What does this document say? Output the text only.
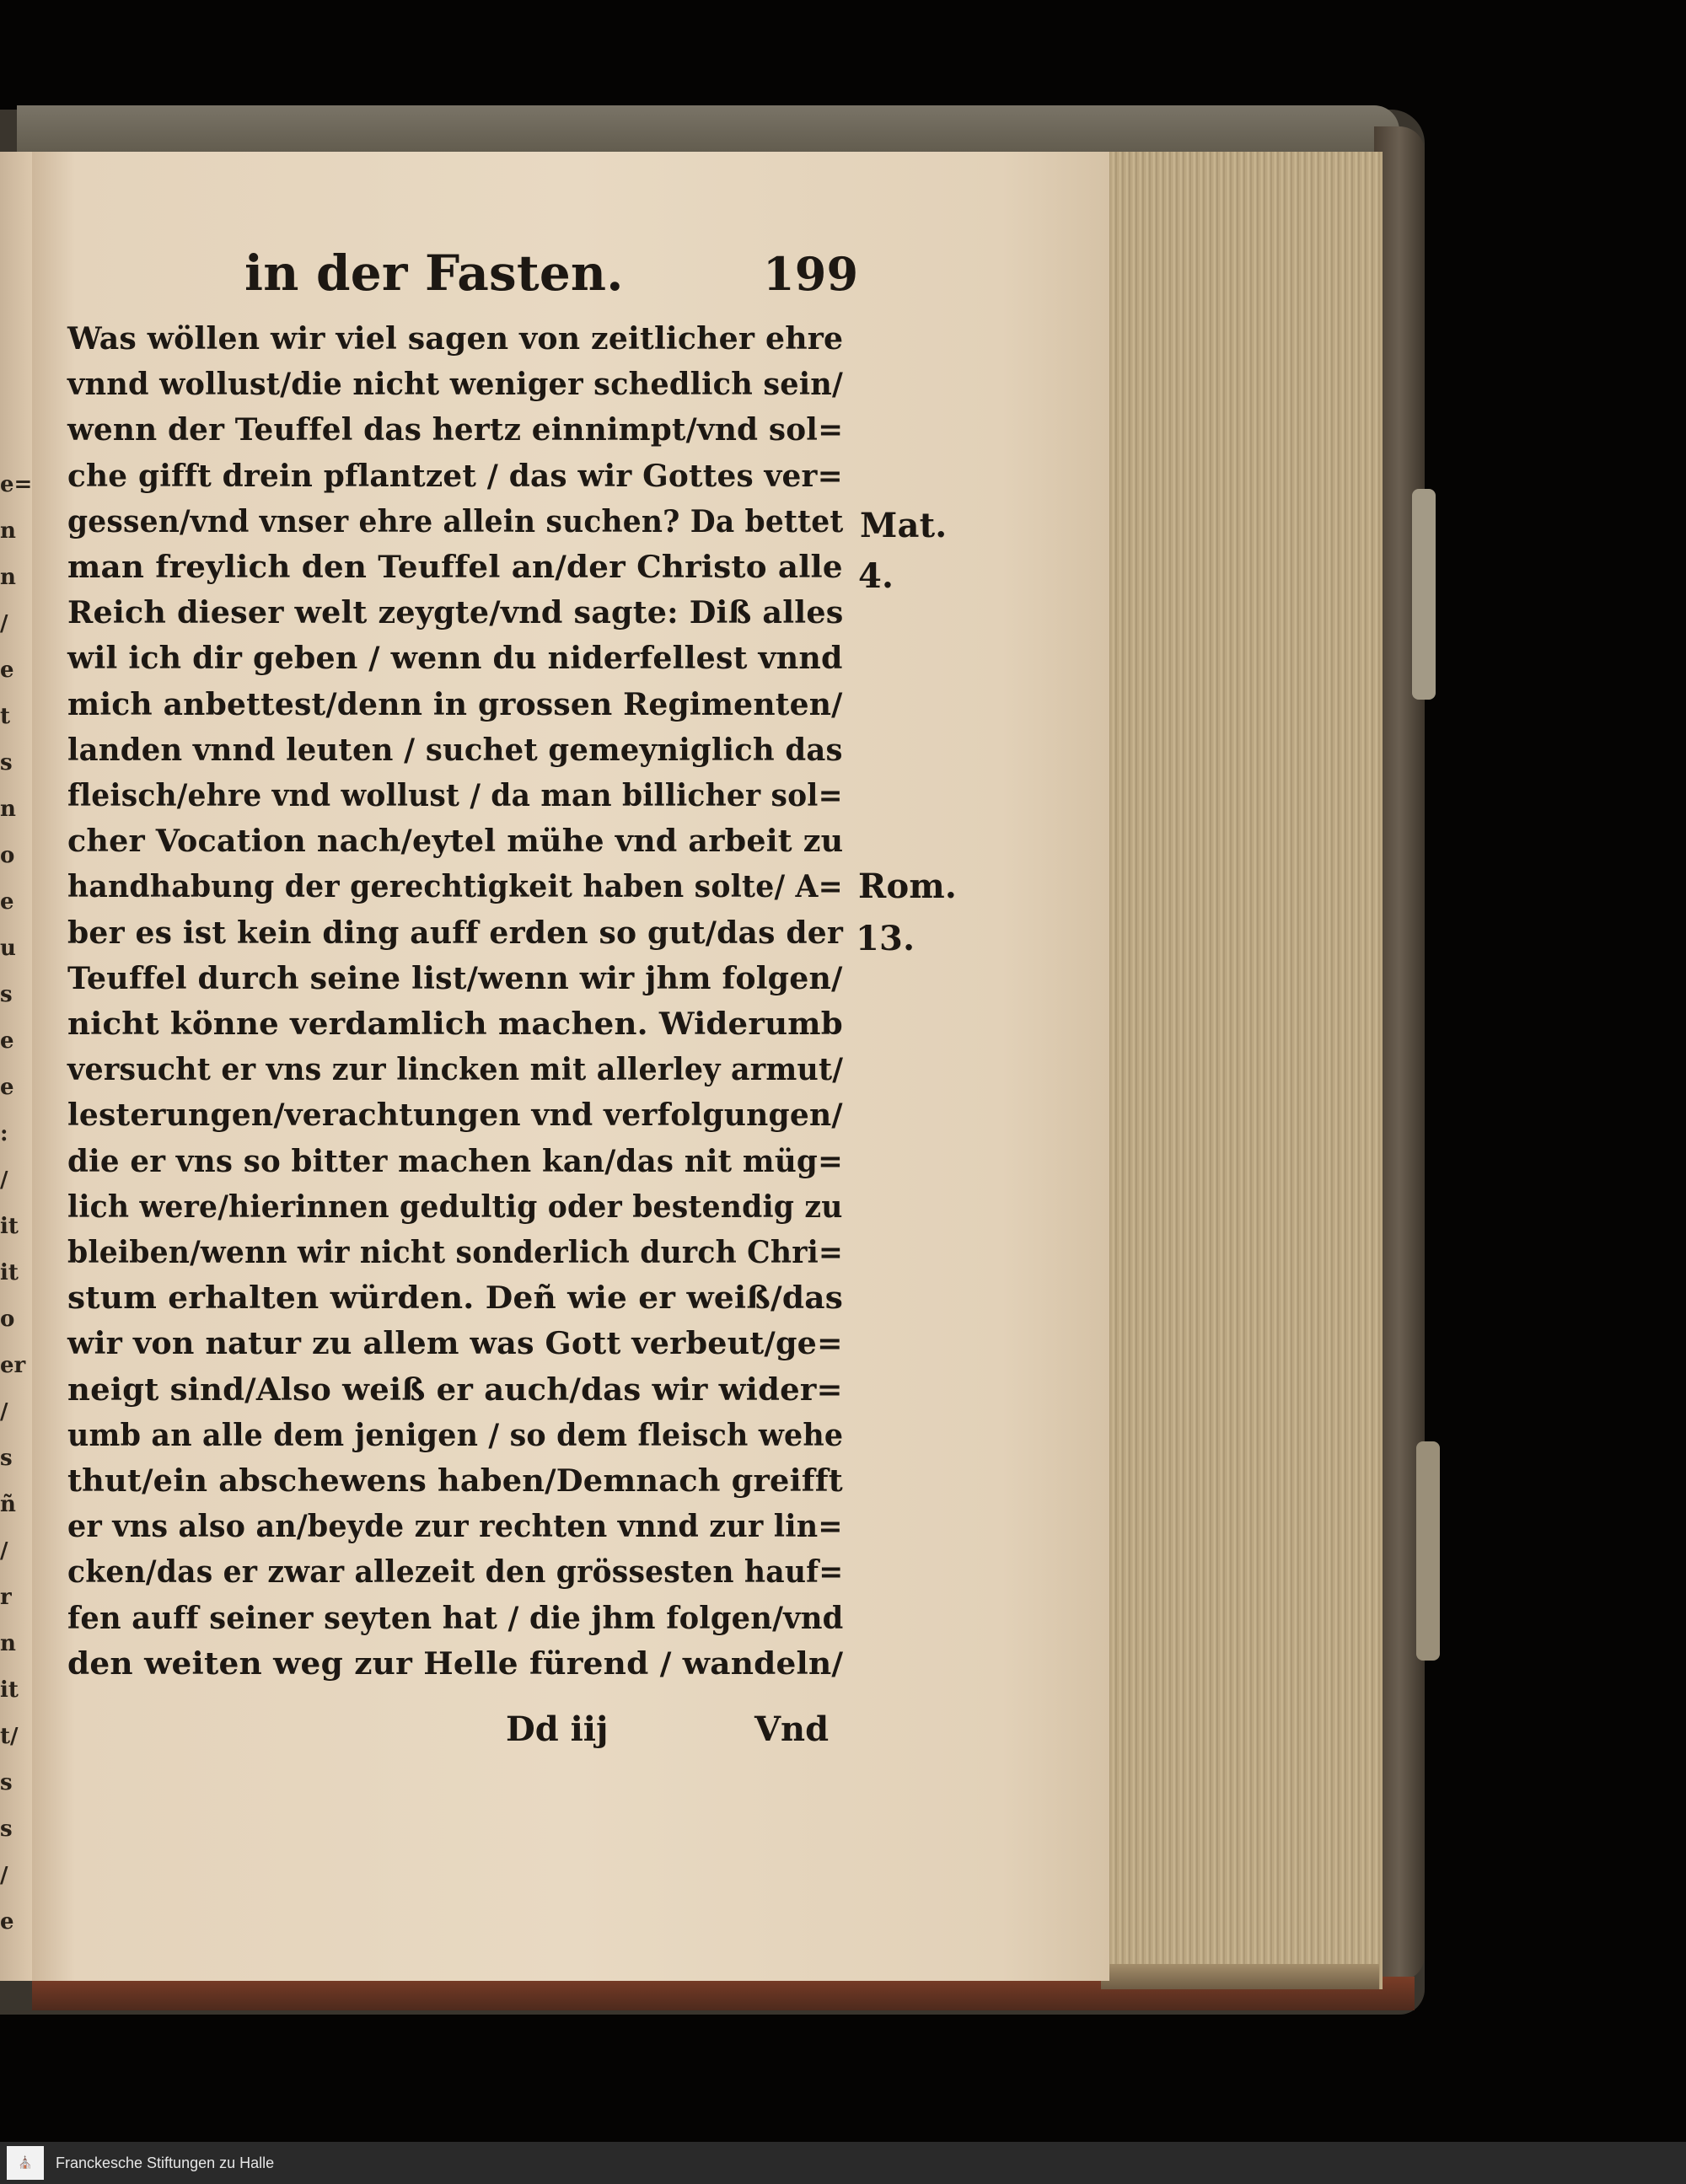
e=
n
n
/
e
t
s
n
o
e
u
s
e
e
:
/
it
it
o
er
/
s
ñ
/
r
n
it
t/
s
s
/
e
in der Fasten.	199
Was wöllen wir viel sagen von zeitlicher ehre
vnnd wollust/die nicht weniger schedlich sein/
wenn der Teuffel das hertz einnimpt/vnd sol=
che gifft drein pflantzet / das wir Gottes ver=
gessen/vnd vnser ehre allein suchen? Da bettet
man freylich den Teuffel an/der Christo alle
Reich dieser welt zeygte/vnd sagte: Diß alles
wil ich dir geben / wenn du niderfellest vnnd
mich anbettest/denn in grossen Regimenten/
landen vnnd leuten / suchet gemeyniglich das
fleisch/ehre vnd wollust / da man billicher sol=
cher Vocation nach/eytel mühe vnd arbeit zu
handhabung der gerechtigkeit haben solte/ A=
ber es ist kein ding auff erden so gut/das der
Teuffel durch seine list/wenn wir jhm folgen/
nicht könne verdamlich machen. Widerumb
versucht er vns zur lincken mit allerley armut/
lesterungen/verachtungen vnd verfolgungen/
die er vns so bitter machen kan/das nit müg=
lich were/hierinnen gedultig oder bestendig zu
bleiben/wenn wir nicht sonderlich durch Chri=
stum erhalten würden. Deñ wie er weiß/das
wir von natur zu allem was Gott verbeut/ge=
neigt sind/Also weiß er auch/das wir wider=
umb an alle dem jenigen / so dem fleisch wehe
thut/ein abschewens haben/Demnach greifft
er vns also an/beyde zur rechten vnnd zur lin=
cken/das er zwar allezeit den grössesten hauf=
fen auff seiner seyten hat / die jhm folgen/vnd
den weiten weg zur Helle fürend / wandeln/
Mat.
4.
Rom.
13.
Dd iij	Vnd
⛪	Franckesche Stiftungen zu Halle
